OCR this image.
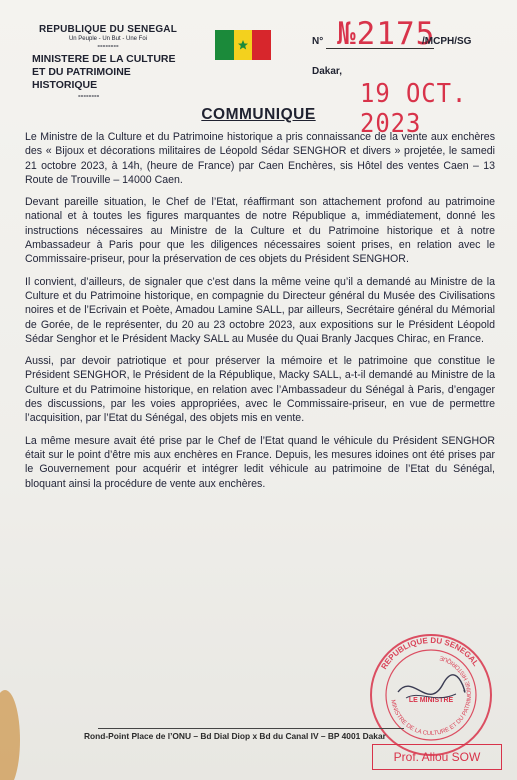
REPUBLIQUE DU SENEGAL
Un Peuple - Un But - Une Foi
--------
MINISTERE DE LA CULTURE
ET DU PATRIMOINE HISTORIQUE
--------
N° №2175
/MCPH/SG
Dakar,
19 OCT. 2023
COMMUNIQUE

Le Ministre de la Culture et du Patrimoine historique a pris connaissance de la vente aux enchères des « Bijoux et décorations militaires de Léopold Sédar SENGHOR et divers » projetée, le samedi 21 octobre 2023, à 14h, (heure de France) par Caen Enchères, sis Hôtel des ventes Caen – 13 Route de Trouville – 14000 Caen.

Devant pareille situation, le Chef de l’Etat, réaffirmant son attachement profond au patrimoine national et à toutes les figures marquantes de notre République a, immédiatement, donné les instructions nécessaires au Ministre de la Culture et du Patrimoine historique et à notre Ambassadeur à Paris pour que les diligences nécessaires soient prises, en relation avec le Commissaire-priseur, pour la préservation de ces objets du Président SENGHOR.

Il convient, d’ailleurs, de signaler que c’est dans la même veine qu’il a demandé au Ministre de la Culture et du Patrimoine historique, en compagnie du Directeur général du Musée des Civilisations noires et de l’Ecrivain et Poète, Amadou Lamine SALL, par ailleurs, Secrétaire général du Mémorial de Gorée, de le représenter, du 20 au 23 octobre 2023, aux expositions sur le Président Léopold Sédar Senghor et le Président Macky SALL au Musée du Quai Branly Jacques Chirac, en France.

Aussi, par devoir patriotique et pour préserver la mémoire et le patrimoine que constitue le Président SENGHOR, le Président de la République, Macky SALL, a-t-il demandé au Ministre de la Culture et du Patrimoine historique, en relation avec l’Ambassadeur du Sénégal à Paris, d’engager des discussions, par les voies appropriées, avec le Commissaire-priseur, en vue de permettre l’acquisition, par l’Etat du Sénégal, des objets mis en vente.

La même mesure avait été prise par le Chef de l’Etat quand le véhicule du Président SENGHOR était sur le point d’être mis aux enchères en France. Depuis, les mesures idoines ont été prises par le Gouvernement pour acquérir et intégrer ledit véhicule au patrimoine de l’Etat du Sénégal, bloquant ainsi la procédure de vente aux enchères.

REPUBLIQUE DU SENEGAL
MINISTRE DE LA CULTURE ET DU PATRIMOINE HISTORIQUE
LE MINISTRE
Rond-Point Place de l’ONU – Bd Dial Diop x Bd du Canal IV – BP 4001 Dakar
Prof. Aliou SOW
